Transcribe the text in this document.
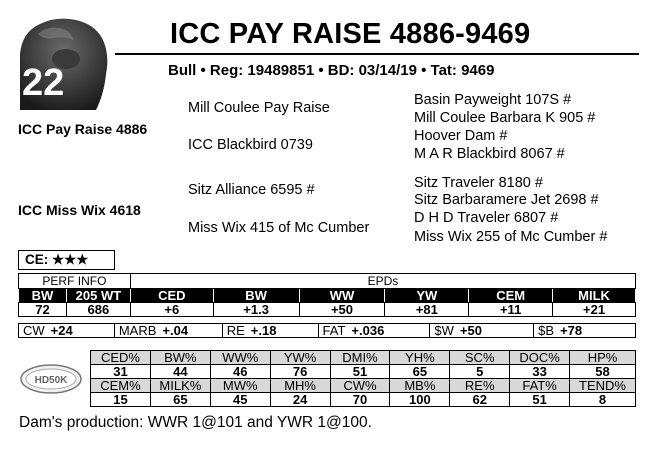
22
ICC PAY RAISE 4886-9469
Bull • Reg: 19489851 • BD: 03/14/19 • Tat: 9469
ICC Pay Raise 4886
ICC Miss Wix 4618
Mill Coulee Pay Raise
ICC Blackbird 0739
Sitz Alliance 6595 #
Miss Wix 415 of Mc Cumber
Basin Payweight 107S #
Mill Coulee Barbara K 905 #
Hoover Dam #
M A R Blackbird 8067 #
Sitz Traveler 8180 #
Sitz Barbaramere Jet 2698 #
D H D Traveler 6807 #
Miss Wix 255 of Mc Cumber #
CE: ★★★
PERF INFO		EPDs					
BW	205 WT	CED	BW	WW	YW	CEM	MILK
72	686	+6	+1.3	+50	+81	+11	+21
CW +24	MARB +.04	RE +.18	FAT +.036	$W +50	$B +78
HD50K
CED%	BW%	WW%	YW%	DMI%	YH%	SC%	DOC%	HP%
31	44	46	76	51	65	5	33	58
CEM%	MILK%	MW%	MH%	CW%	MB%	RE%	FAT%	TEND%
15	65	45	24	70	100	62	51	8
Dam's production: WWR 1@101 and YWR 1@100.
